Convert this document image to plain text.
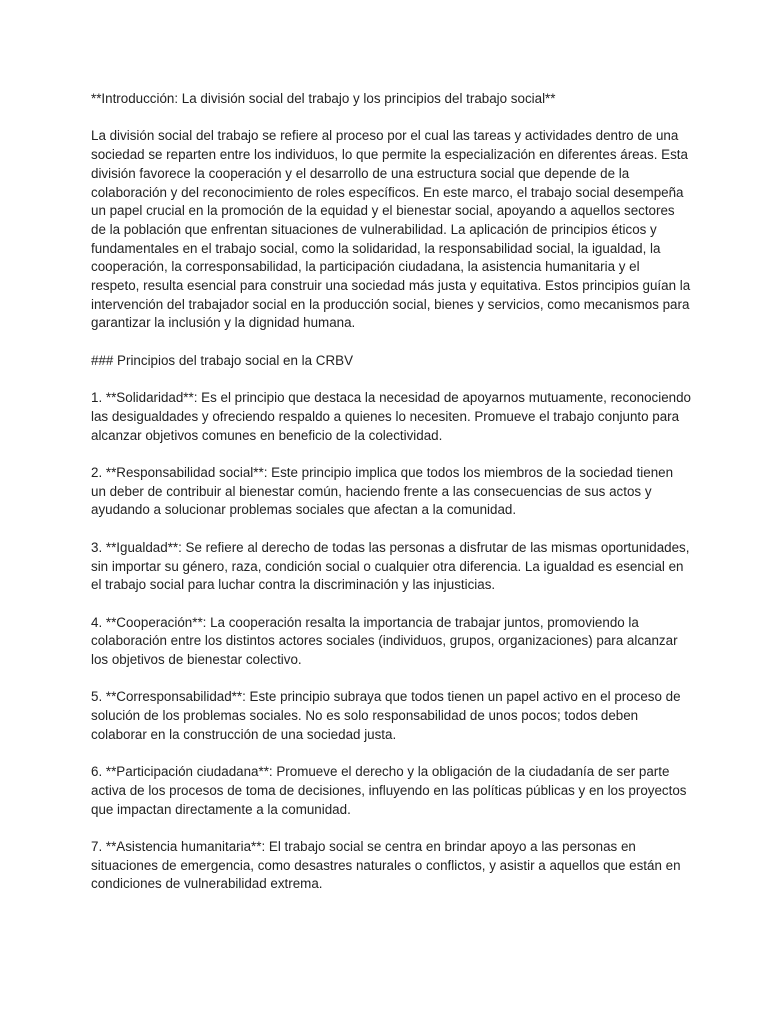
**Introducción: La división social del trabajo y los principios del trabajo social**

La división social del trabajo se refiere al proceso por el cual las tareas y actividades dentro de una sociedad se reparten entre los individuos, lo que permite la especialización en diferentes áreas. Esta división favorece la cooperación y el desarrollo de una estructura social que depende de la colaboración y del reconocimiento de roles específicos. En este marco, el trabajo social desempeña un papel crucial en la promoción de la equidad y el bienestar social, apoyando a aquellos sectores de la población que enfrentan situaciones de vulnerabilidad. La aplicación de principios éticos y fundamentales en el trabajo social, como la solidaridad, la responsabilidad social, la igualdad, la cooperación, la corresponsabilidad, la participación ciudadana, la asistencia humanitaria y el respeto, resulta esencial para construir una sociedad más justa y equitativa. Estos principios guían la intervención del trabajador social en la producción social, bienes y servicios, como mecanismos para garantizar la inclusión y la dignidad humana.

### Principios del trabajo social en la CRBV

1. **Solidaridad**: Es el principio que destaca la necesidad de apoyarnos mutuamente, reconociendo las desigualdades y ofreciendo respaldo a quienes lo necesiten. Promueve el trabajo conjunto para alcanzar objetivos comunes en beneficio de la colectividad.

2. **Responsabilidad social**: Este principio implica que todos los miembros de la sociedad tienen un deber de contribuir al bienestar común, haciendo frente a las consecuencias de sus actos y ayudando a solucionar problemas sociales que afectan a la comunidad.

3. **Igualdad**: Se refiere al derecho de todas las personas a disfrutar de las mismas oportunidades, sin importar su género, raza, condición social o cualquier otra diferencia. La igualdad es esencial en el trabajo social para luchar contra la discriminación y las injusticias.

4. **Cooperación**: La cooperación resalta la importancia de trabajar juntos, promoviendo la colaboración entre los distintos actores sociales (individuos, grupos, organizaciones) para alcanzar los objetivos de bienestar colectivo.

5. **Corresponsabilidad**: Este principio subraya que todos tienen un papel activo en el proceso de solución de los problemas sociales. No es solo responsabilidad de unos pocos; todos deben colaborar en la construcción de una sociedad justa.

6. **Participación ciudadana**: Promueve el derecho y la obligación de la ciudadanía de ser parte activa de los procesos de toma de decisiones, influyendo en las políticas públicas y en los proyectos que impactan directamente a la comunidad.

7. **Asistencia humanitaria**: El trabajo social se centra en brindar apoyo a las personas en situaciones de emergencia, como desastres naturales o conflictos, y asistir a aquellos que están en condiciones de vulnerabilidad extrema.
